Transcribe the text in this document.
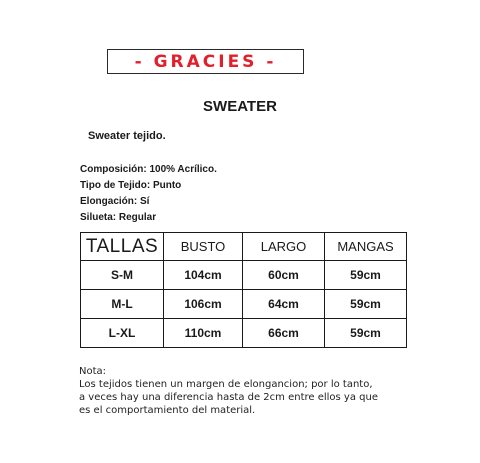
- GRACIES -
SWEATER
Sweater tejido.
Composición: 100% Acrílico.
Tipo de Tejido: Punto
Elongación: Sí
Silueta: Regular
TALLAS	BUSTO	LARGO	MANGAS
S-M	104cm	60cm	59cm
M-L	106cm	64cm	59cm
L-XL	110cm	66cm	59cm
Nota:
Los tejidos tienen un margen de elongancion; por lo tanto,
a veces hay una diferencia hasta de 2cm entre ellos ya que
es el comportamiento del material.
